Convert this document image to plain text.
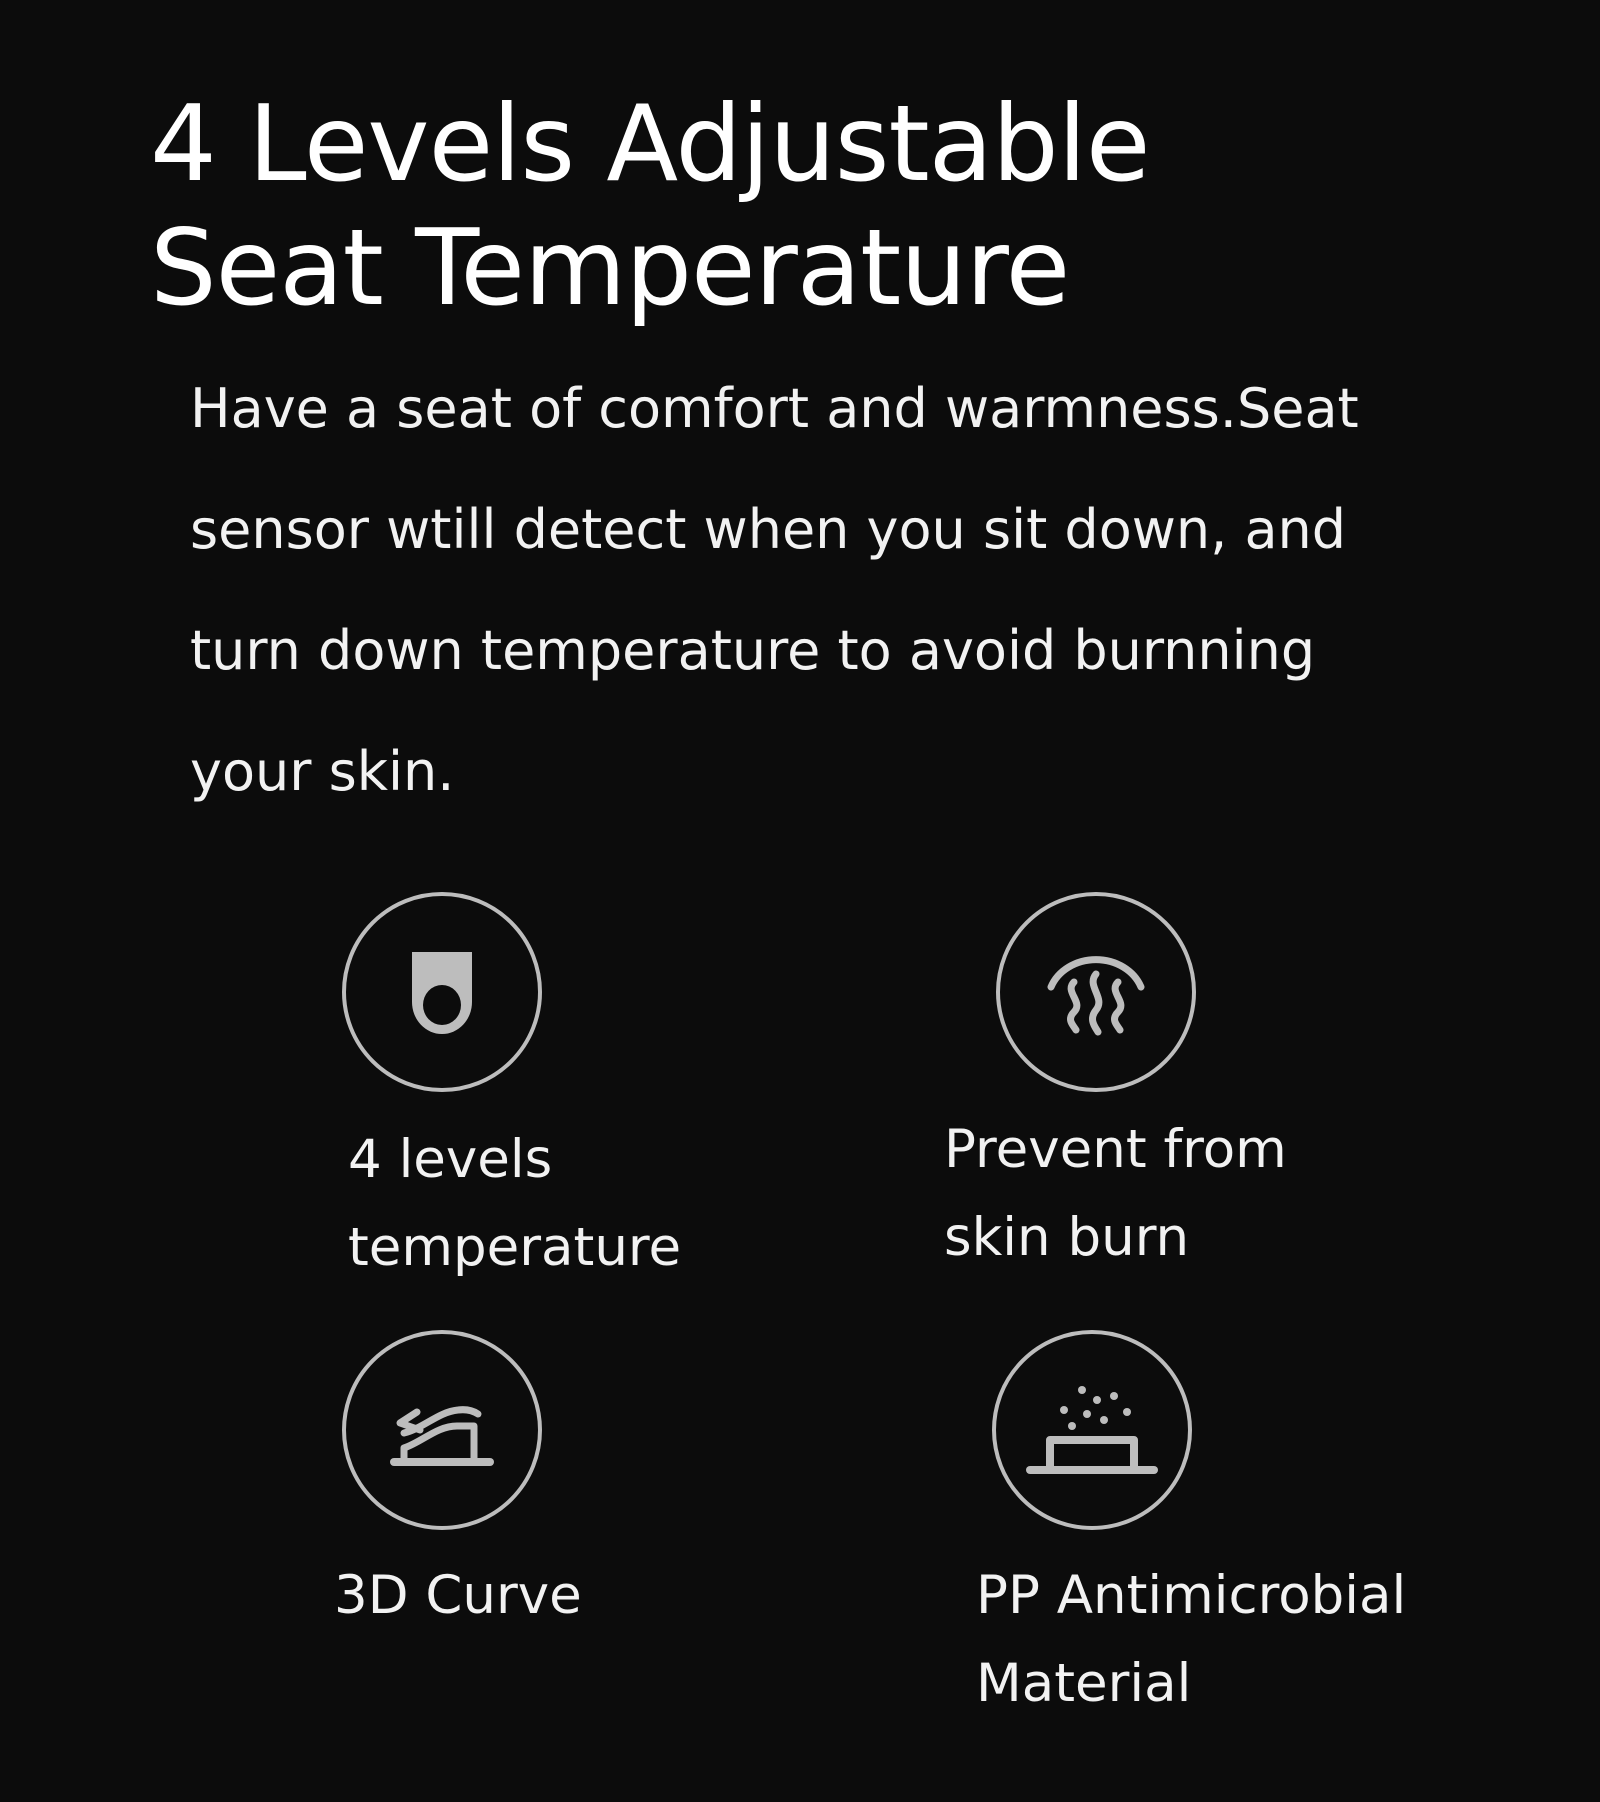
4 Levels Adjustable
Seat Temperature

Have a seat of comfort and warmness.Seat
sensor wtill detect when you sit down, and
turn down temperature to avoid burnning
your skin.

4 levels
temperature

Prevent from
skin burn

3D Curve	PP Antimicrobial
Material
